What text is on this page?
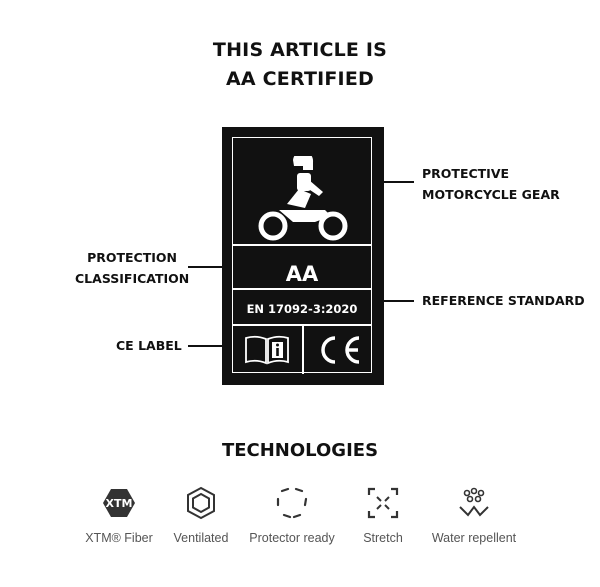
THIS ARTICLE IS
AA CERTIFIED
AA
EN 17092-3:2020
PROTECTIVE
MOTORCYCLE GEAR
PROTECTION
CLASSIFICATION
REFERENCE STANDARD
CE LABEL
TECHNOLOGIES
XTM
XTM® Fiber	Ventilated	Protector ready	Stretch	Water repellent
